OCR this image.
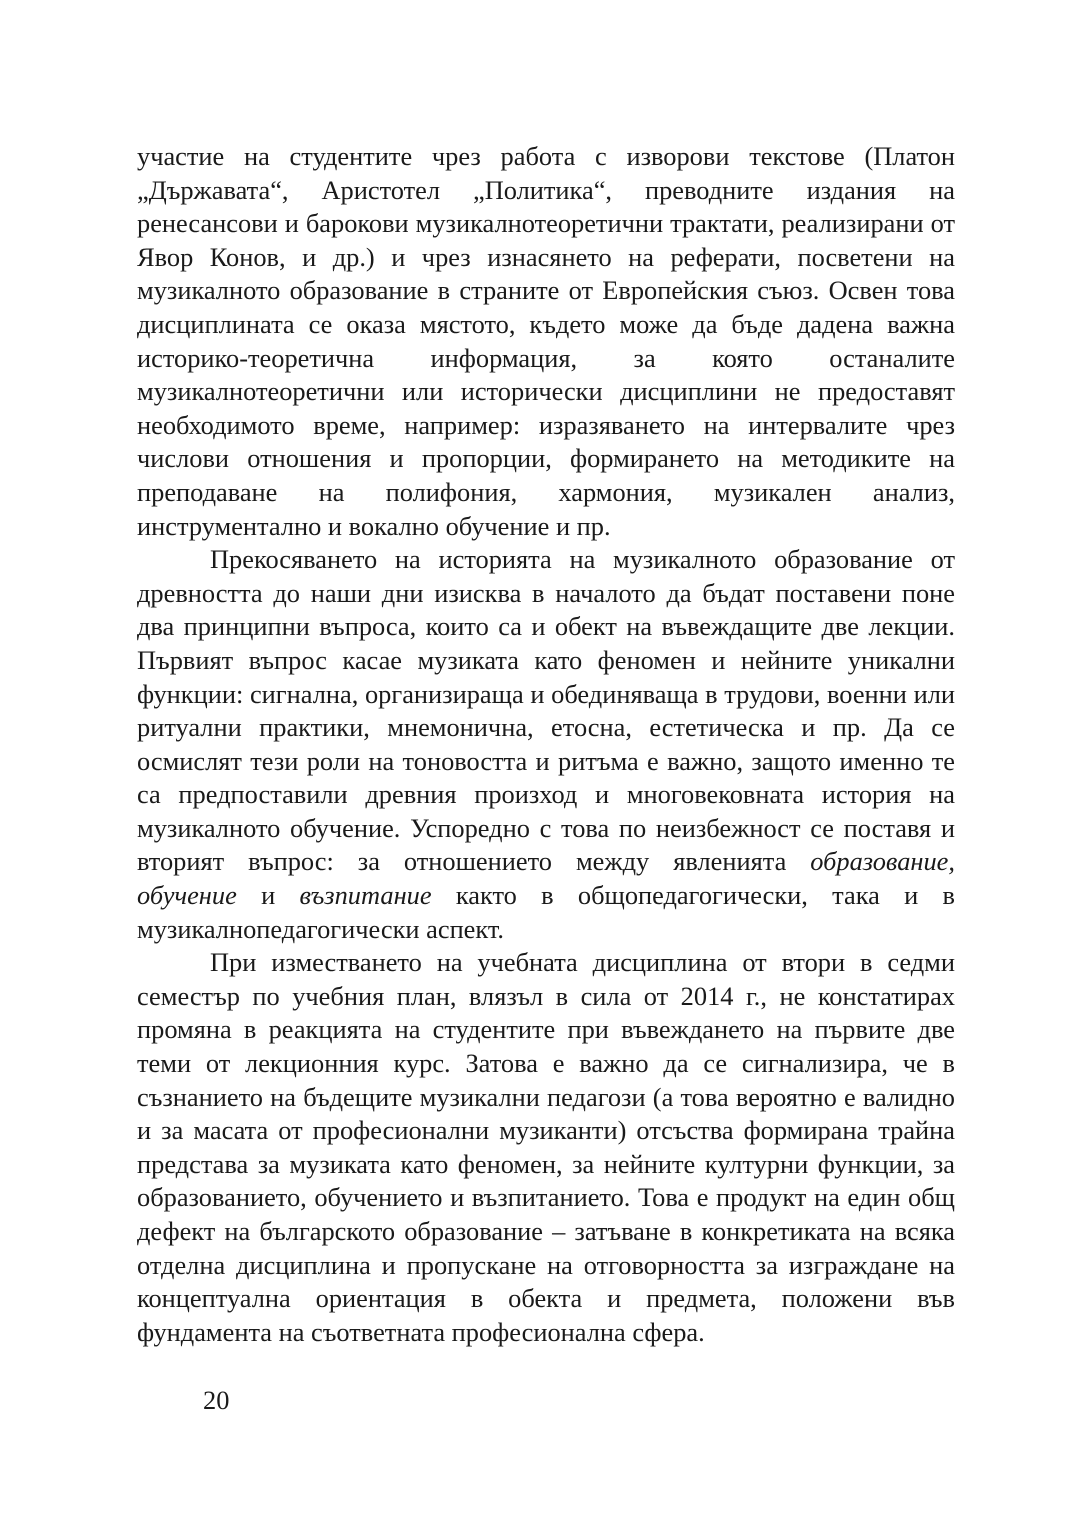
участие на студентите чрез работа с изворови текстове (Платон „Държавата“, Аристотел „Политика“, преводните издания на ренесансови и барокови музикалнотеоретични трактати, реализирани от Явор Конов, и др.) и чрез изнасянето на реферати, посветени на музикалното образование в страните от Европейския съюз. Освен това дисциплината се оказа мястото, където може да бъде дадена важна историко-теоретична информация, за която останалите музикалнотеоретични или исторически дисциплини не предоставят необходимото време, например: изразяването на интервалите чрез числови отношения и пропорции, формирането на методиките на преподаване на полифония, хармония, музикален анализ, инструментално и вокално обучение и пр.

Прекосяването на историята на музикалното образование от древността до наши дни изисква в началото да бъдат поставени поне два принципни въпроса, които са и обект на въвеждащите две лекции. Първият въпрос касае музиката като феномен и нейните уникални функции: сигнална, организираща и обединяваща в трудови, военни или ритуални практики, мнемонична, етосна, естетическа и пр. Да се осмислят тези роли на тоновостта и ритъма е важно, защото именно те са предпоставили древния произход и многовековната история на музикалното обучение. Успоредно с това по неизбежност се поставя и вторият въпрос: за отношението между явленията образование, обучение и възпитание както в общопедагогически, така и в музикалнопедагогически аспект.

При изместването на учебната дисциплина от втори в седми семестър по учебния план, влязъл в сила от 2014 г., не констатирах промяна в реакцията на студентите при въвеждането на първите две теми от лекционния курс. Затова е важно да се сигнализира, че в съзнанието на бъдещите музикални педагози (а това вероятно е валидно и за масата от професионални музиканти) отсъства формирана трайна представа за музиката като феномен, за нейните културни функции, за образованието, обучението и възпитанието. Това е продукт на един общ дефект на българското образование – затъване в конкретиката на всяка отделна дисциплина и пропускане на отговорността за изграждане на концептуална ориентация в обекта и предмета, положени във фундамента на съответната професионална сфера.

20
